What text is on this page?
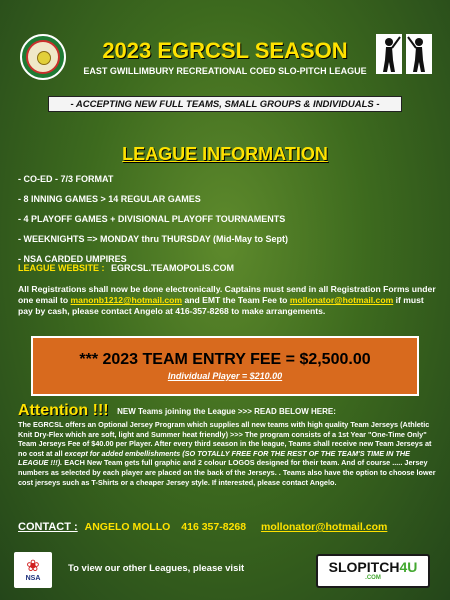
2023 EGRCSL SEASON
EAST GWILLIMBURY RECREATIONAL COED SLO-PITCH LEAGUE
- ACCEPTING NEW FULL TEAMS, SMALL GROUPS & INDIVIDUALS -
LEAGUE INFORMATION
- CO-ED - 7/3 FORMAT
- 8 INNING GAMES > 14 REGULAR GAMES
- 4 PLAYOFF GAMES + DIVISIONAL PLAYOFF TOURNAMENTS
- WEEKNIGHTS => MONDAY thru THURSDAY (Mid-May to Sept)
- NSA CARDED UMPIRES
LEAGUE WEBSITE : EGRCSL.TEAMOPOLIS.COM
All Registrations shall now be done electronically. Captains must send in all Registration Forms under one email to manonb1212@hotmail.com and EMT the Team Fee to mollonator@hotmail.com if must pay by cash, please contact Angelo at 416-357-8268 to make arrangements.
*** 2023 TEAM ENTRY FEE = $2,500.00
Individual Player = $210.00
Attention !!! NEW Teams joining the League >>> READ BELOW HERE:
The EGRCSL offers an Optional Jersey Program which supplies all new teams with high quality Team Jerseys (Athletic Knit Dry-Flex which are soft, light and Summer heat friendly) >>> The program consists of a 1st Year "One-Time Only" Team Jerseys Fee of $40.00 per Player. After every third season in the league, Teams shall receive new Team Jerseys at no cost at all except for added embellishments (SO TOTALLY FREE FOR THE REST OF THE TEAM'S TIME IN THE LEAGUE !!!). EACH New Team gets full graphic and 2 colour LOGOS designed for their team. And of course ..... Jersey numbers as selected by each player are placed on the back of the Jerseys. . Teams also have the option to choose lower cost jerseys such as T-Shirts or a cheaper Jersey style. If interested, please contact Angelo.
CONTACT : ANGELO MOLLO 416 357-8268 mollonator@hotmail.com
❀
NSA
To view our other Leagues, please visit	SLOPITCH4U
.COM
